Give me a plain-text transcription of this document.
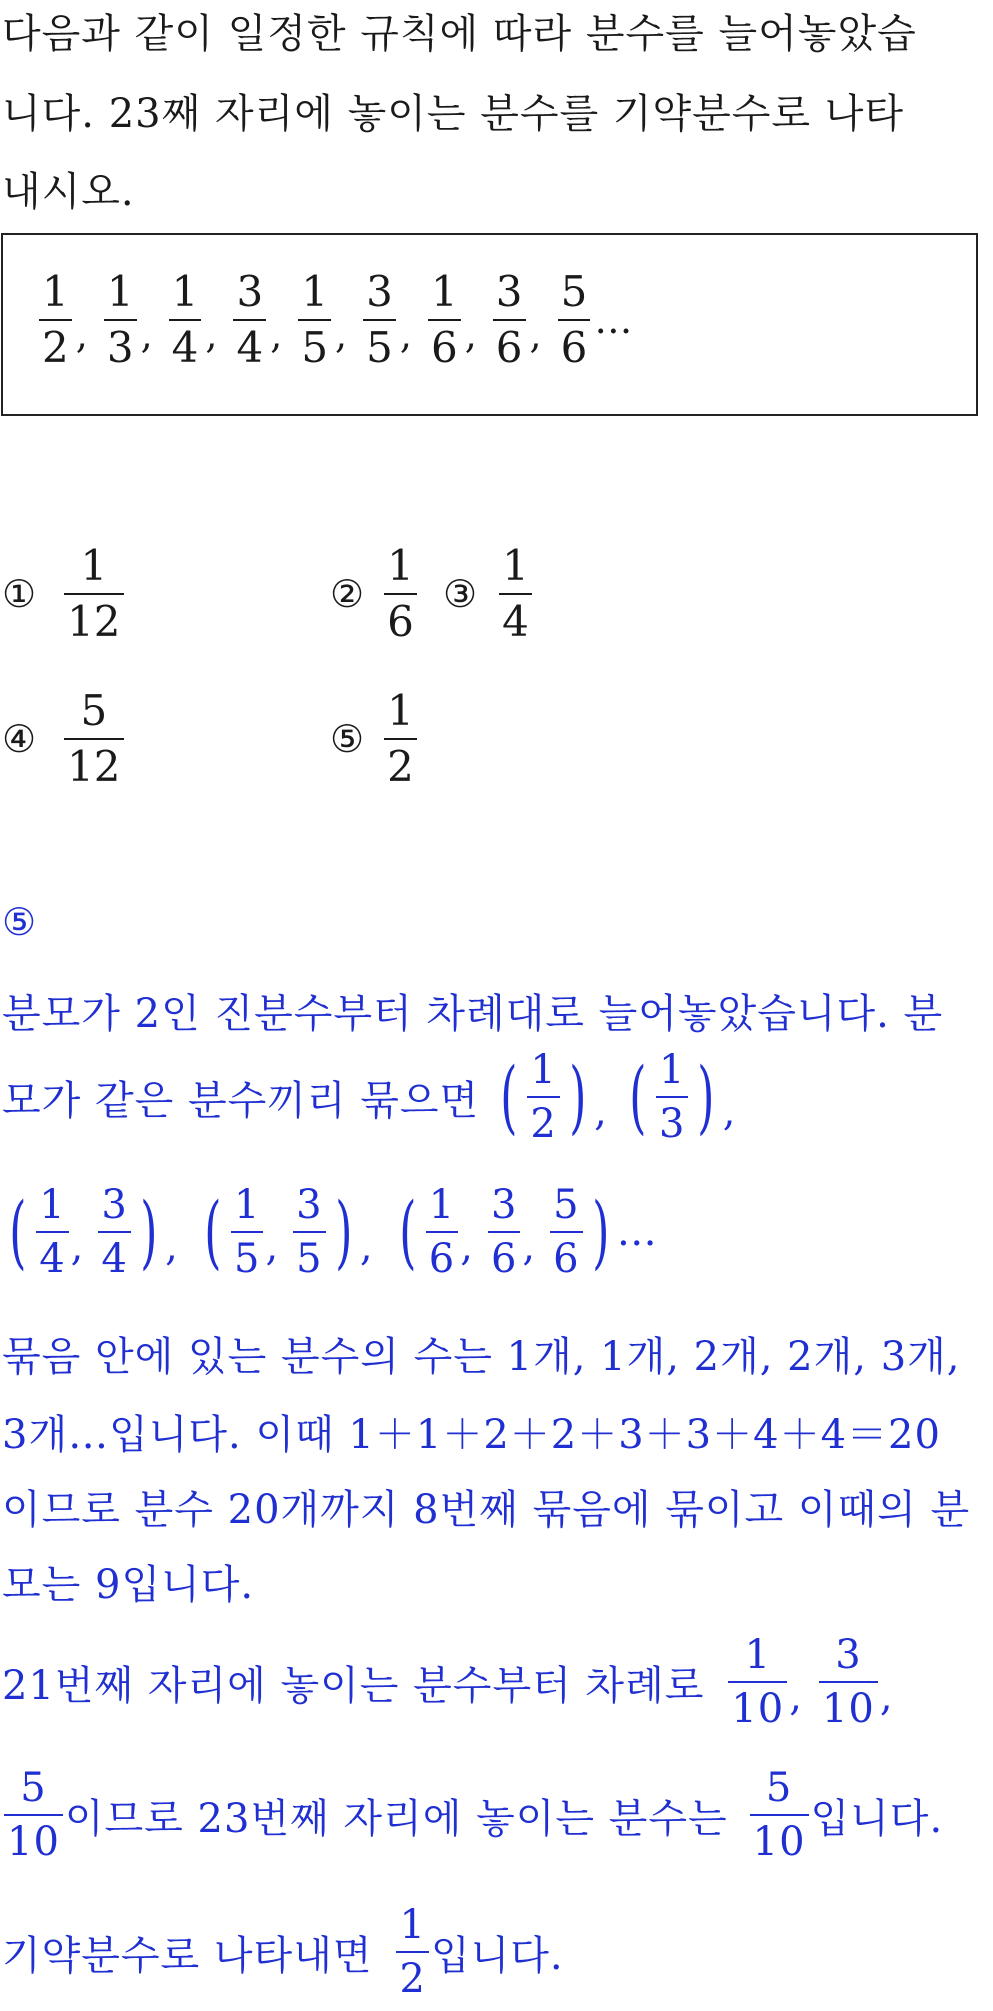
다음과 같이 일정한 규칙에 따라 분수를 늘어놓았습
니다. 23째 자리에 놓이는 분수를 기약분수로 나타
내시오.
$\frac{1}{2}$ , $\frac{1}{3}$ , $\frac{1}{4}$ , $\frac{3}{4}$ , $\frac{1}{5}$ , $\frac{3}{5}$ , $\frac{1}{6}$ , $\frac{3}{6}$ , $\frac{5}{6}$ …
① $\frac{1}{12}$	② $\frac{1}{6}$ ③ $\frac{1}{4}$
④ $\frac{5}{12}$	⑤ $\frac{1}{2}$
⑤
분모가 2인 진분수부터 차례대로 늘어놓았습니다. 분
모가 같은 분수끼리 묶으면 ( $\frac{1}{2}$ ) , ( $\frac{1}{3}$ ) ,
( $\frac{1}{4}$ , $\frac{3}{4}$ ) , ( $\frac{1}{5}$ , $\frac{3}{5}$ ) , ( $\frac{1}{6}$ , $\frac{3}{6}$ , $\frac{5}{6}$ ) …
묶음 안에 있는 분수의 수는 1개, 1개, 2개, 2개, 3개,
3개…입니다. 이때 1＋1＋2＋2＋3＋3＋4＋4＝20
이므로 분수 20개까지 8번째 묶음에 묶이고 이때의 분
모는 9입니다.
21번째 자리에 놓이는 분수부터 차례로 $\frac{1}{10}$ , $\frac{3}{10}$ ,
$\frac{5}{10}$ 이므로 23번째 자리에 놓이는 분수는 $\frac{5}{10}$ 입니다.
기약분수로 나타내면 $\frac{1}{2}$ 입니다.
